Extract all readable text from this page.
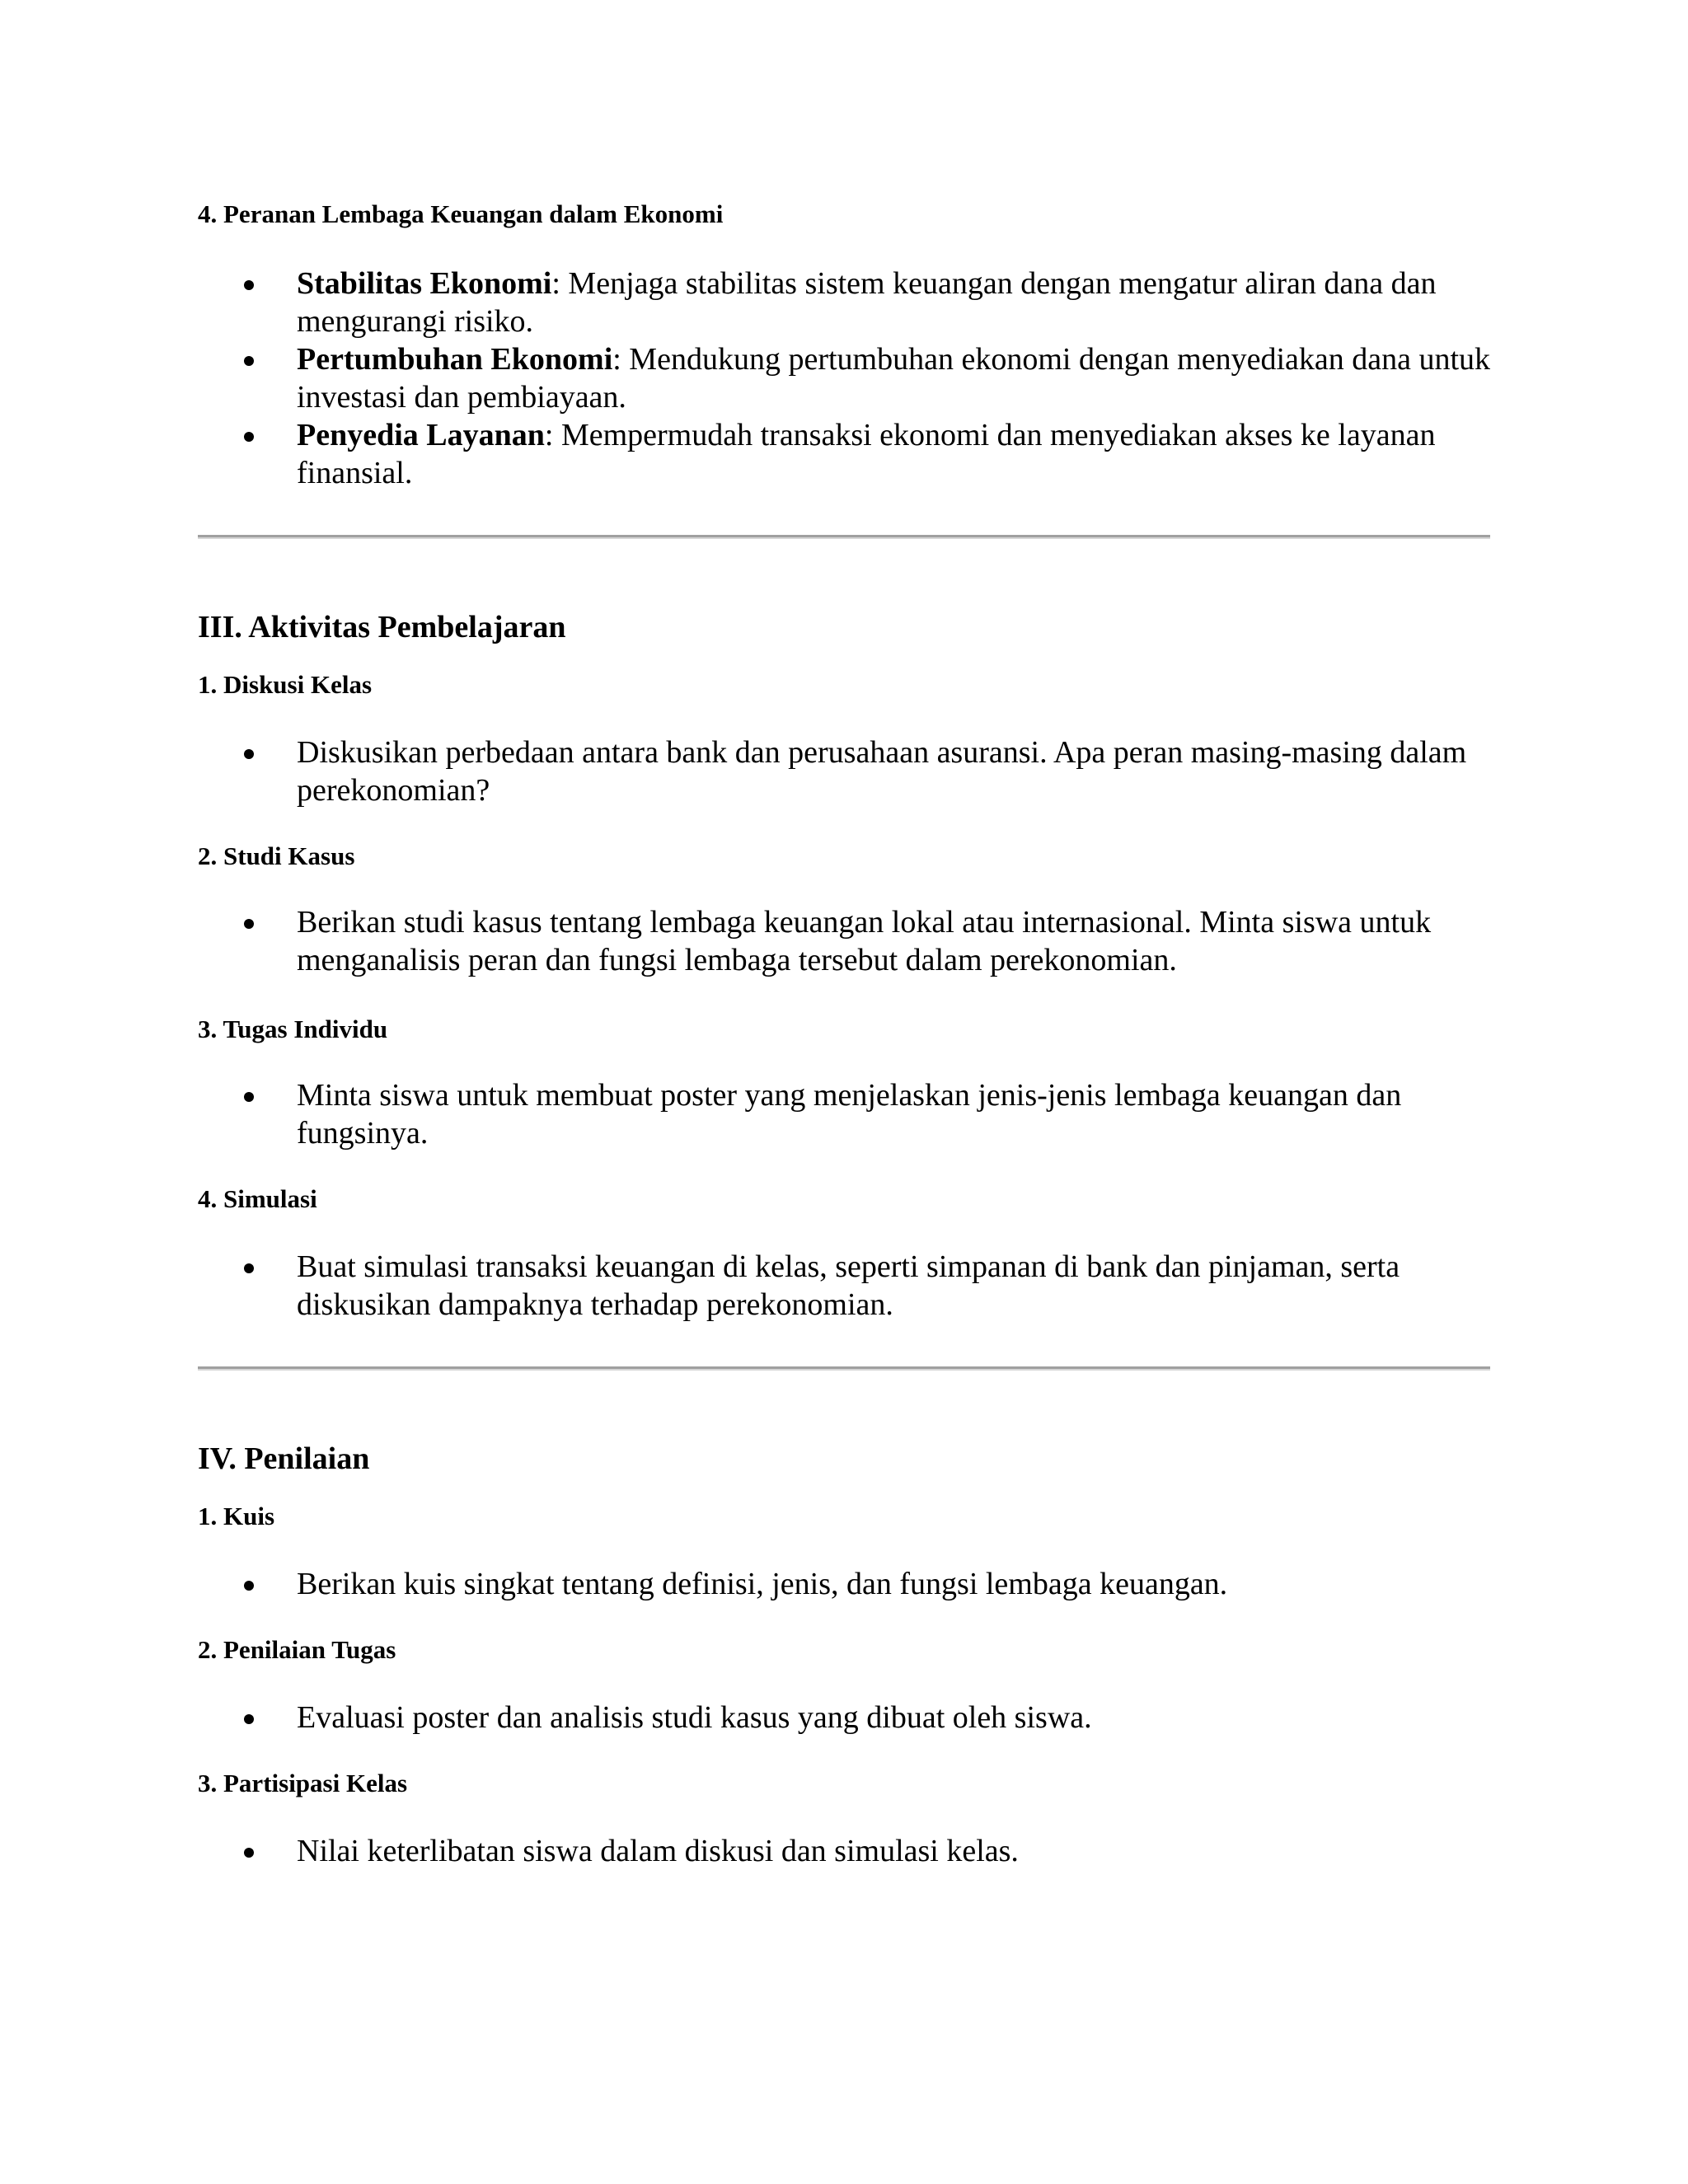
4. Peranan Lembaga Keuangan dalam Ekonomi
Stabilitas Ekonomi: Menjaga stabilitas sistem keuangan dengan mengatur aliran dana dan mengurangi risiko.
Pertumbuhan Ekonomi: Mendukung pertumbuhan ekonomi dengan menyediakan dana untuk investasi dan pembiayaan.
Penyedia Layanan: Mempermudah transaksi ekonomi dan menyediakan akses ke layanan finansial.
III. Aktivitas Pembelajaran
1. Diskusi Kelas
Diskusikan perbedaan antara bank dan perusahaan asuransi. Apa peran masing-masing dalam perekonomian?
2. Studi Kasus
Berikan studi kasus tentang lembaga keuangan lokal atau internasional. Minta siswa untuk menganalisis peran dan fungsi lembaga tersebut dalam perekonomian.
3. Tugas Individu
Minta siswa untuk membuat poster yang menjelaskan jenis-jenis lembaga keuangan dan fungsinya.
4. Simulasi
Buat simulasi transaksi keuangan di kelas, seperti simpanan di bank dan pinjaman, serta diskusikan dampaknya terhadap perekonomian.
IV. Penilaian
1. Kuis
Berikan kuis singkat tentang definisi, jenis, dan fungsi lembaga keuangan.
2. Penilaian Tugas
Evaluasi poster dan analisis studi kasus yang dibuat oleh siswa.
3. Partisipasi Kelas
Nilai keterlibatan siswa dalam diskusi dan simulasi kelas.
